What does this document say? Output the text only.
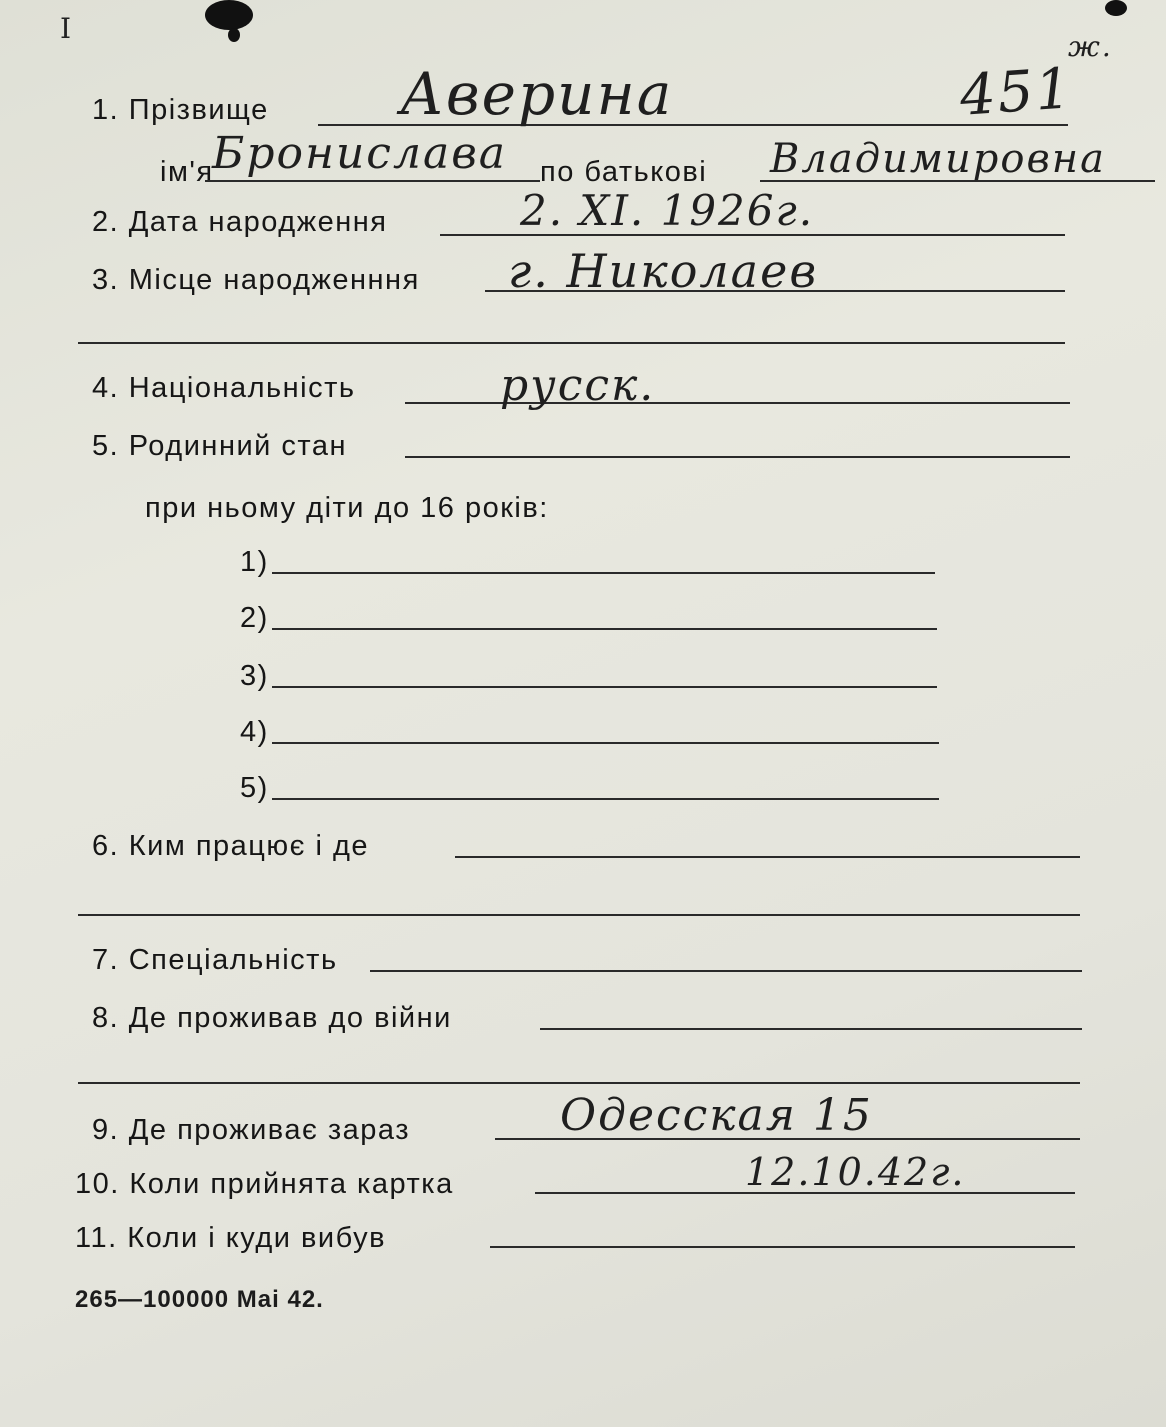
I
451
ж.
1. Прізвище Аверина
ім'я
Бронислава по батькові Владимировна
2. Дата народження	2. XI. 1926г.
3. Місце народженння г. Николаев
4. Національність	русск.
5. Родинний стан
при ньому діти до 16 років:
1)
2)
3)
4)
5)
6. Ким працює і де
7. Спеціальність
8. Де проживав до війни
9. Де проживає зараз	Одесская 15
10. Коли прийнята картка	12.10.42г.
11. Коли і куди вибув
265—100000 Mai 42.
